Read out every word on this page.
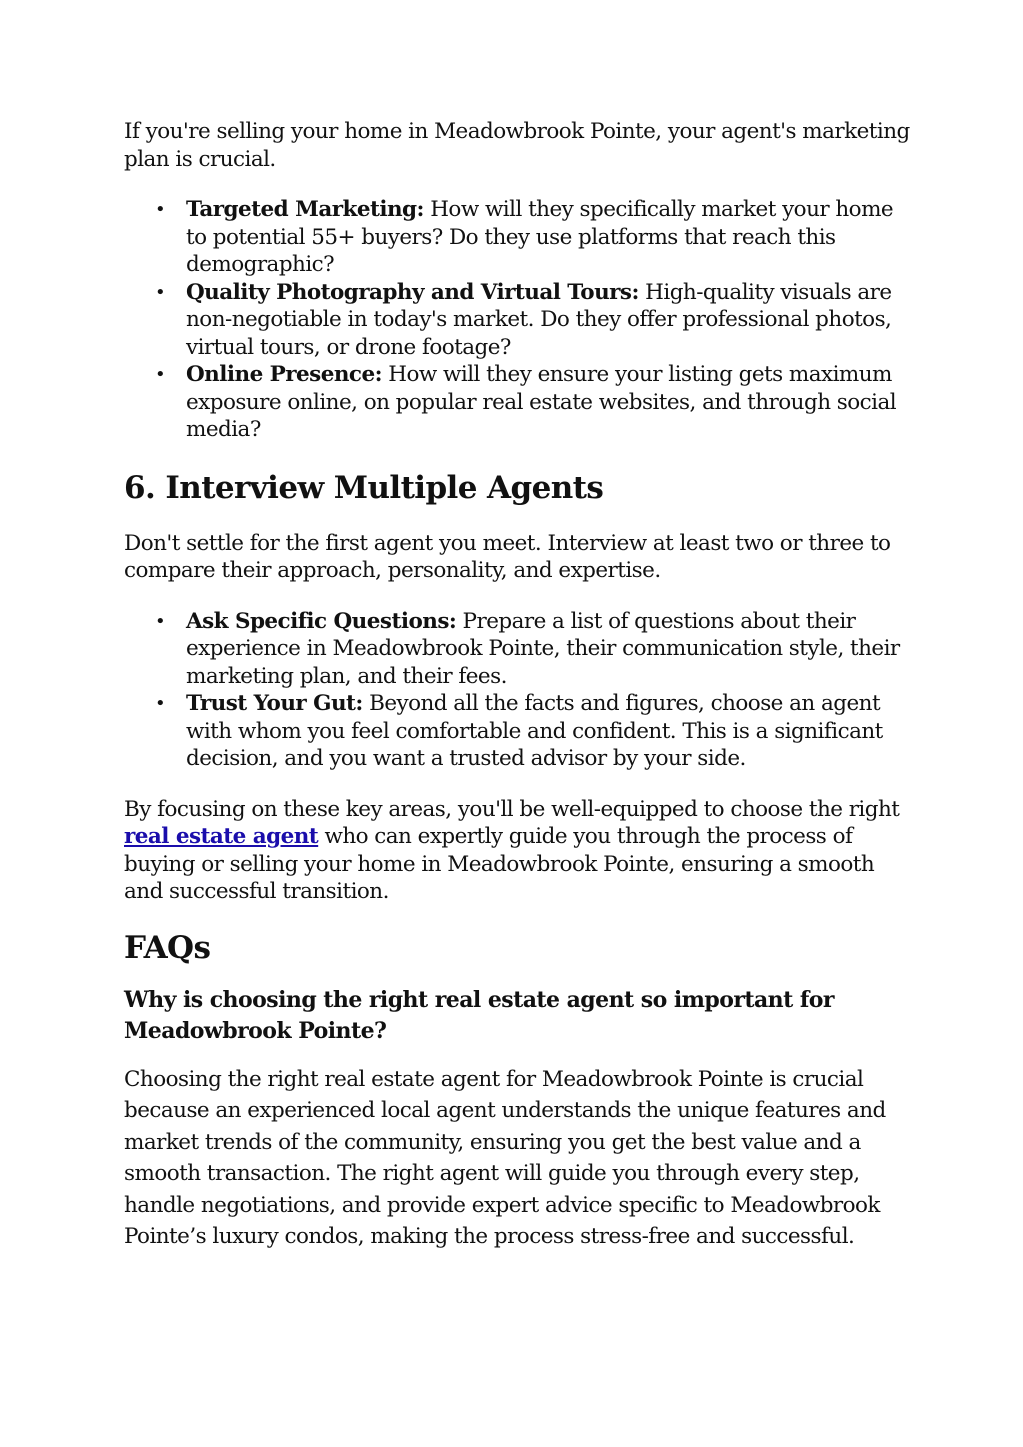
If you're selling your home in Meadowbrook Pointe, your agent's marketing plan is crucial.

• Targeted Marketing: How will they specifically market your home to potential 55+ buyers? Do they use platforms that reach this demographic?
• Quality Photography and Virtual Tours: High-quality visuals are non-negotiable in today's market. Do they offer professional photos, virtual tours, or drone footage?
• Online Presence: How will they ensure your listing gets maximum exposure online, on popular real estate websites, and through social media?
6. Interview Multiple Agents

Don't settle for the first agent you meet. Interview at least two or three to compare their approach, personality, and expertise.

• Ask Specific Questions: Prepare a list of questions about their experience in Meadowbrook Pointe, their communication style, their marketing plan, and their fees.
• Trust Your Gut: Beyond all the facts and figures, choose an agent with whom you feel comfortable and confident. This is a significant decision, and you want a trusted advisor by your side.

By focusing on these key areas, you'll be well-equipped to choose the right real estate agent who can expertly guide you through the process of buying or selling your home in Meadowbrook Pointe, ensuring a smooth and successful transition.

FAQs
Why is choosing the right real estate agent so important for Meadowbrook Pointe?

Choosing the right real estate agent for Meadowbrook Pointe is crucial because an experienced local agent understands the unique features and market trends of the community, ensuring you get the best value and a smooth transaction. The right agent will guide you through every step, handle negotiations, and provide expert advice specific to Meadowbrook Pointe’s luxury condos, making the process stress-free and successful.
